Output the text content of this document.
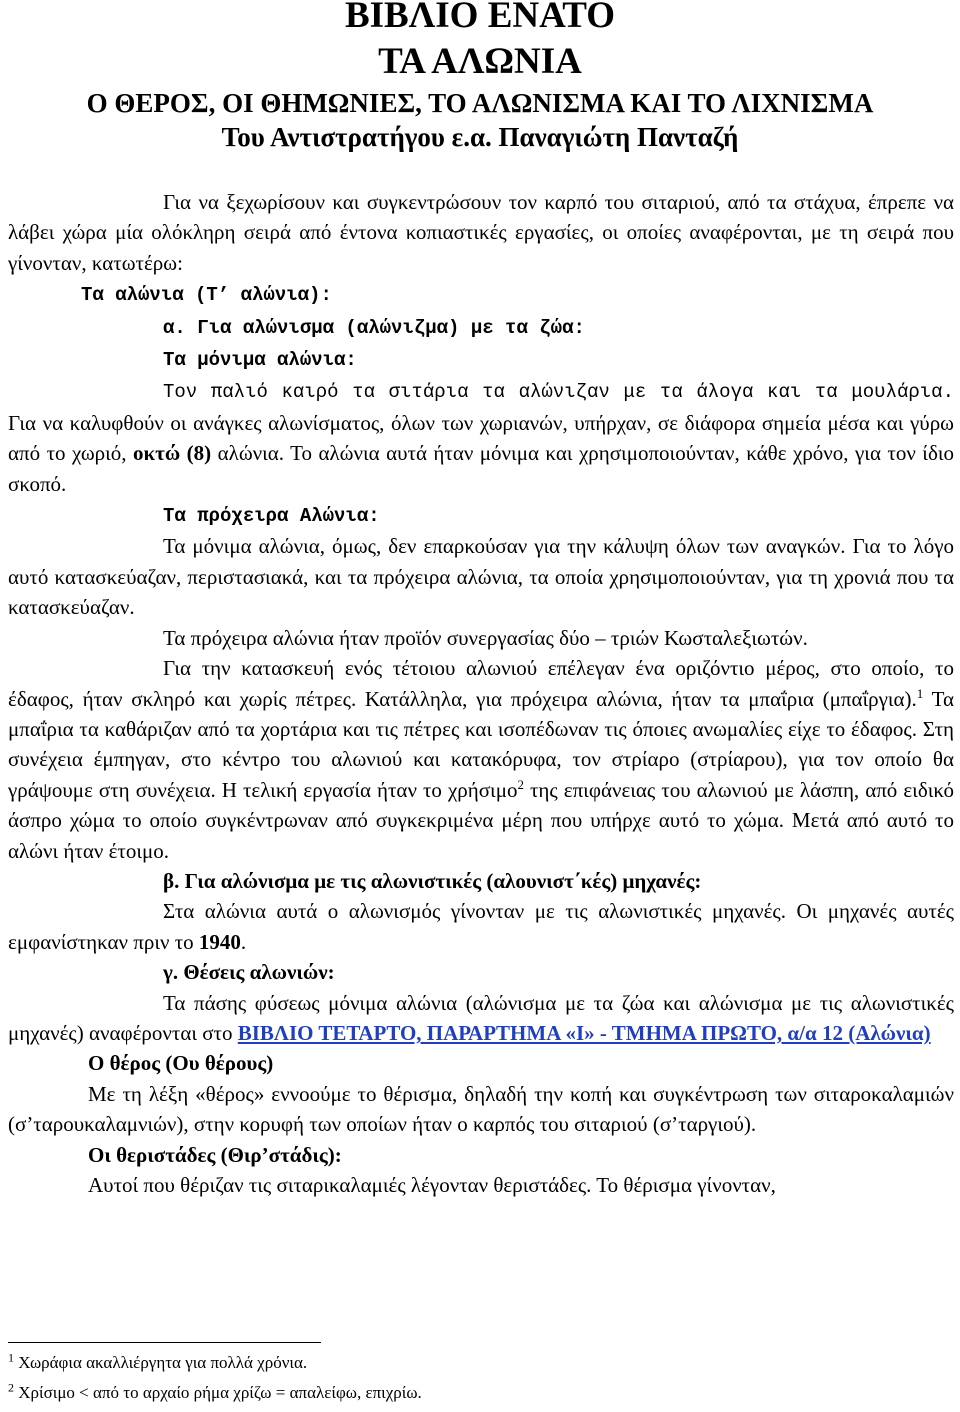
ΒΙΒΛΙΟ ΕΝΑΤΟ
ΤΑ ΑΛΩΝΙΑ
Ο ΘΕΡΟΣ, ΟΙ ΘΗΜΩΝΙΕΣ, ΤΟ ΑΛΩΝΙΣΜΑ ΚΑΙ ΤΟ ΛΙΧΝΙΣΜΑ
Του Αντιστρατήγου ε.α. Παναγιώτη Πανταζή

Για να ξεχωρίσουν και συγκεντρώσουν τον καρπό του σιταριού, από τα στάχυα, έπρεπε να λάβει χώρα μία ολόκληρη σειρά από έντονα κοπιαστικές εργασίες, οι οποίες αναφέρονται, με τη σειρά που γίνονταν, κατωτέρω:

Τα αλώνια (Τ’ αλώνια):

α. Για αλώνισμα (αλώνιζμα) με τα ζώα:

Τα μόνιμα αλώνια:

Τον παλιό καιρό τα σιτάρια τα αλώνιζαν με τα άλογα και τα μουλάρια.

Για να καλυφθούν οι ανάγκες αλωνίσματος, όλων των χωριανών, υπήρχαν, σε διάφορα σημεία μέσα και γύρω από το χωριό, οκτώ (8) αλώνια. Το αλώνια αυτά ήταν μόνιμα και χρησιμοποιούνταν, κάθε χρόνο, για τον ίδιο σκοπό.

Τα πρόχειρα Αλώνια:

Τα μόνιμα αλώνια, όμως, δεν επαρκούσαν για την κάλυψη όλων των αναγκών. Για το λόγο αυτό κατασκεύαζαν, περιστασιακά, και τα πρόχειρα αλώνια, τα οποία χρησιμοποιούνταν, για τη χρονιά που τα κατασκεύαζαν.

Τα πρόχειρα αλώνια ήταν προϊόν συνεργασίας δύο – τριών Κωσταλεξιωτών.

Για την κατασκευή ενός τέτοιου αλωνιού επέλεγαν ένα οριζόντιο μέρος, στο οποίο, το έδαφος, ήταν σκληρό και χωρίς πέτρες. Κατάλληλα, για πρόχειρα αλώνια, ήταν τα μπαΐρια (μπαΐργια).$^1$ Τα μπαΐρια τα καθάριζαν από τα χορτάρια και τις πέτρες και ισοπέδωναν τις όποιες ανωμαλίες είχε το έδαφος. Στη συνέχεια έμπηγαν, στο κέντρο του αλωνιού και κατακόρυφα, τον στρίαρο (στρίαρου), για τον οποίο θα γράψουμε στη συνέχεια. Η τελική εργασία ήταν το χρήσιμο$^2$ της επιφάνειας του αλωνιού με λάσπη, από ειδικό άσπρο χώμα το οποίο συγκέντρωναν από συγκεκριμένα μέρη που υπήρχε αυτό το χώμα. Μετά από αυτό το αλώνι ήταν έτοιμο.

β. Για αλώνισμα με τις αλωνιστικές (αλουνιστ΄κές) μηχανές:

Στα αλώνια αυτά ο αλωνισμός γίνονταν με τις αλωνιστικές μηχανές. Οι μηχανές αυτές εμφανίστηκαν πριν το 1940.

γ. Θέσεις αλωνιών:

Τα πάσης φύσεως μόνιμα αλώνια (αλώνισμα με τα ζώα και αλώνισμα με τις αλωνιστικές μηχανές) αναφέρονται στο ΒΙΒΛΙΟ ΤΕΤΑΡΤΟ, ΠΑΡΑΡΤΗΜΑ «Ι» - ΤΜΗΜΑ ΠΡΩΤΟ, α/α 12 (Αλώνια)

Ο θέρος (Ου θέρους)

Με τη λέξη «θέρος» εννοούμε το θέρισμα, δηλαδή την κοπή και συγκέντρωση των σιταροκαλαμιών (σ’ταρουκαλαμνιών), στην κορυφή των οποίων ήταν ο καρπός του σιταριού (σ’ταργιού).

Οι θεριστάδες (Θιρ’στάδις):

Αυτοί που θέριζαν τις σιταρικαλαμιές λέγονταν θεριστάδες. Το θέρισμα γίνονταν,

$^1$ Χωράφια ακαλλιέργητα για πολλά χρόνια.
$^2$ Χρίσιμο < από το αρχαίο ρήμα χρίζω = απαλείφω, επιχρίω.
